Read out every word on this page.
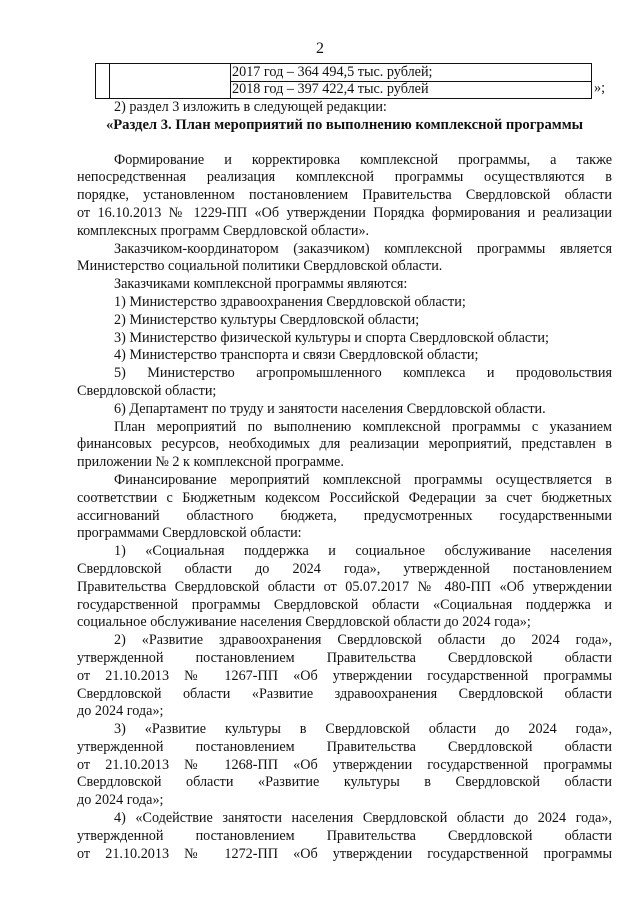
2
2017 год – 364 494,5 тыс. рублей;
2018 год – 397 422,4 тыс. рублей	»;

2) раздел 3 изложить в следующей редакции:

«Раздел 3. План мероприятий по выполнению комплексной программы

Формирование и корректировка комплексной программы, а также

непосредственная реализация комплексной программы осуществляются в

порядке, установленном постановлением Правительства Свердловской области

от 16.10.2013 № 1229-ПП «Об утверждении Порядка формирования и реализации

комплексных программ Свердловской области».

Заказчиком-координатором (заказчиком) комплексной программы является

Министерство социальной политики Свердловской области.

Заказчиками комплексной программы являются:

1) Министерство здравоохранения Свердловской области;

2) Министерство культуры Свердловской области;

3) Министерство физической культуры и спорта Свердловской области;

4) Министерство транспорта и связи Свердловской области;

5) Министерство агропромышленного комплекса и продовольствия

Свердловской области;

6) Департамент по труду и занятости населения Свердловской области.

План мероприятий по выполнению комплексной программы с указанием

финансовых ресурсов, необходимых для реализации мероприятий, представлен в

приложении № 2 к комплексной программе.

Финансирование мероприятий комплексной программы осуществляется в

соответствии с Бюджетным кодексом Российской Федерации за счет бюджетных

ассигнований областного бюджета, предусмотренных государственными

программами Свердловской области:

1) «Социальная поддержка и социальное обслуживание населения

Свердловской области до 2024 года», утвержденной постановлением

Правительства Свердловской области от 05.07.2017 № 480-ПП «Об утверждении

государственной программы Свердловской области «Социальная поддержка и

социальное обслуживание населения Свердловской области до 2024 года»;

2) «Развитие здравоохранения Свердловской области до 2024 года»,

утвержденной постановлением Правительства Свердловской области

от 21.10.2013 № 1267-ПП «Об утверждении государственной программы

Свердловской области «Развитие здравоохранения Свердловской области

до 2024 года»;

3) «Развитие культуры в Свердловской области до 2024 года»,

утвержденной постановлением Правительства Свердловской области

от 21.10.2013 № 1268-ПП «Об утверждении государственной программы

Свердловской области «Развитие культуры в Свердловской области

до 2024 года»;

4) «Содействие занятости населения Свердловской области до 2024 года»,

утвержденной постановлением Правительства Свердловской области

от 21.10.2013 № 1272-ПП «Об утверждении государственной программы
